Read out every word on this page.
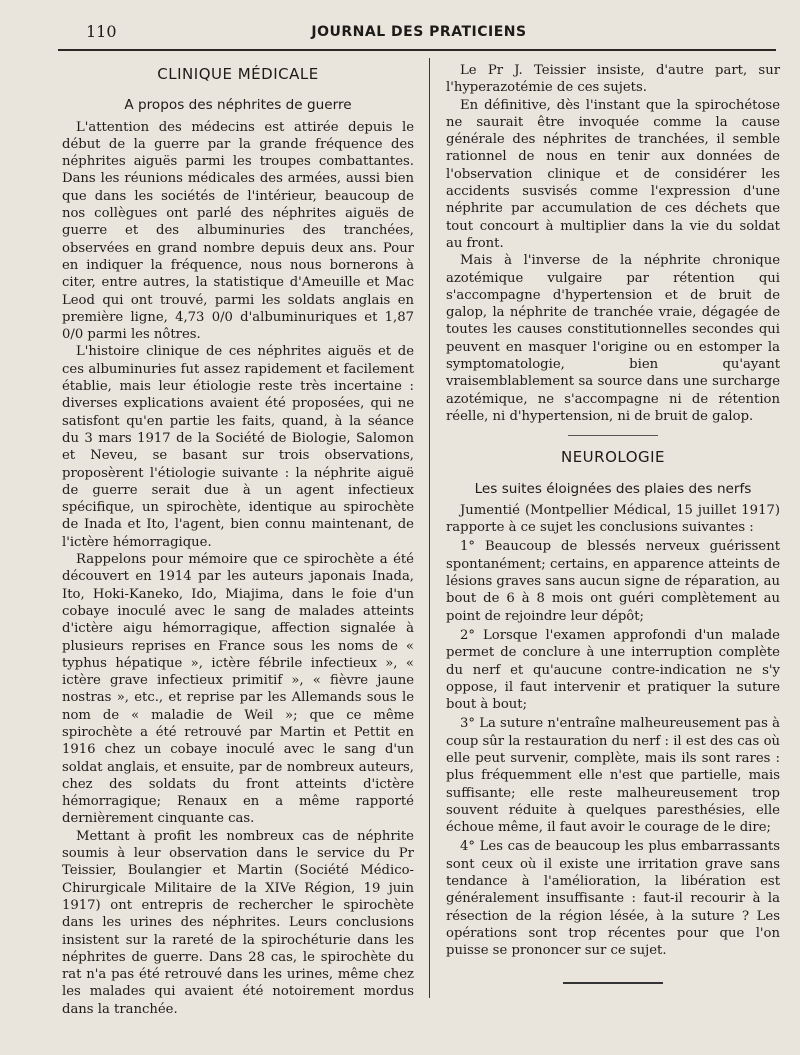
110	JOURNAL DES PRATICIENS
CLINIQUE MÉDICALE
A propos des néphrites de guerre

L'attention des médecins est attirée depuis le début de la guerre par la grande fréquence des néphrites aiguës parmi les troupes combattantes. Dans les réunions médicales des armées, aussi bien que dans les sociétés de l'intérieur, beaucoup de nos collègues ont parlé des néphrites aiguës de guerre et des albuminuries des tranchées, observées en grand nombre depuis deux ans. Pour en indiquer la fréquence, nous nous bornerons à citer, entre autres, la statistique d'Ameuille et Mac Leod qui ont trouvé, parmi les soldats anglais en première ligne, 4,73 0/0 d'albuminuriques et 1,87 0/0 parmi les nôtres.

L'histoire clinique de ces néphrites aiguës et de ces albuminuries fut assez rapidement et facilement établie, mais leur étiologie reste très incertaine : diverses explications avaient été proposées, qui ne satisfont qu'en partie les faits, quand, à la séance du 3 mars 1917 de la Société de Biologie, Salomon et Neveu, se basant sur trois observations, proposèrent l'étiologie suivante : la néphrite aiguë de guerre serait due à un agent infectieux spécifique, un spirochète, identique au spirochète de Inada et Ito, l'agent, bien connu maintenant, de l'ictère hémorragique.

Rappelons pour mémoire que ce spirochète a été découvert en 1914 par les auteurs japonais Inada, Ito, Hoki-Kaneko, Ido, Miajima, dans le foie d'un cobaye inoculé avec le sang de malades atteints d'ictère aigu hémorragique, affection signalée à plusieurs reprises en France sous les noms de « typhus hépatique », ictère fébrile infectieux », « ictère grave infectieux primitif », « fièvre jaune nostras », etc., et reprise par les Allemands sous le nom de « maladie de Weil »; que ce même spirochète a été retrouvé par Martin et Pettit en 1916 chez un cobaye inoculé avec le sang d'un soldat anglais, et ensuite, par de nombreux auteurs, chez des soldats du front atteints d'ictère hémorragique; Renaux en a même rapporté dernièrement cinquante cas.

Mettant à profit les nombreux cas de néphrite soumis à leur observation dans le service du Pr Teissier, Boulangier et Martin (Société Médico-Chirurgicale Militaire de la XIVe Région, 19 juin 1917) ont entrepris de rechercher le spirochète dans les urines des néphrites. Leurs conclusions insistent sur la rareté de la spirochéturie dans les néphrites de guerre. Dans 28 cas, le spirochète du rat n'a pas été retrouvé dans les urines, même chez les malades qui avaient été notoirement mordus dans la tranchée.

Le Pr J. Teissier insiste, d'autre part, sur l'hyperazotémie de ces sujets.

En définitive, dès l'instant que la spirochétose ne saurait être invoquée comme la cause générale des néphrites de tranchées, il semble rationnel de nous en tenir aux données de l'observation clinique et de considérer les accidents susvisés comme l'expression d'une néphrite par accumulation de ces déchets que tout concourt à multiplier dans la vie du soldat au front.

Mais à l'inverse de la néphrite chronique azotémique vulgaire par rétention qui s'accompagne d'hypertension et de bruit de galop, la néphrite de tranchée vraie, dégagée de toutes les causes constitutionnelles secondes qui peuvent en masquer l'origine ou en estomper la symptomatologie, bien qu'ayant vraisemblablement sa source dans une surcharge azotémique, ne s'accompagne ni de rétention réelle, ni d'hypertension, ni de bruit de galop.

NEUROLOGIE
Les suites éloignées des plaies des nerfs

Jumentié (Montpellier Médical, 15 juillet 1917) rapporte à ce sujet les conclusions suivantes :

1° Beaucoup de blessés nerveux guérissent spontanément; certains, en apparence atteints de lésions graves sans aucun signe de réparation, au bout de 6 à 8 mois ont guéri complètement au point de rejoindre leur dépôt;

2° Lorsque l'examen approfondi d'un malade permet de conclure à une interruption complète du nerf et qu'aucune contre-indication ne s'y oppose, il faut intervenir et pratiquer la suture bout à bout;

3° La suture n'entraîne malheureusement pas à coup sûr la restauration du nerf : il est des cas où elle peut survenir, complète, mais ils sont rares : plus fréquemment elle n'est que partielle, mais suffisante; elle reste malheureusement trop souvent réduite à quelques paresthésies, elle échoue même, il faut avoir le courage de le dire;

4° Les cas de beaucoup les plus embarrassants sont ceux où il existe une irritation grave sans tendance à l'amélioration, la libération est généralement insuffisante : faut-il recourir à la résection de la région lésée, à la suture ? Les opérations sont trop récentes pour que l'on puisse se prononcer sur ce sujet.
